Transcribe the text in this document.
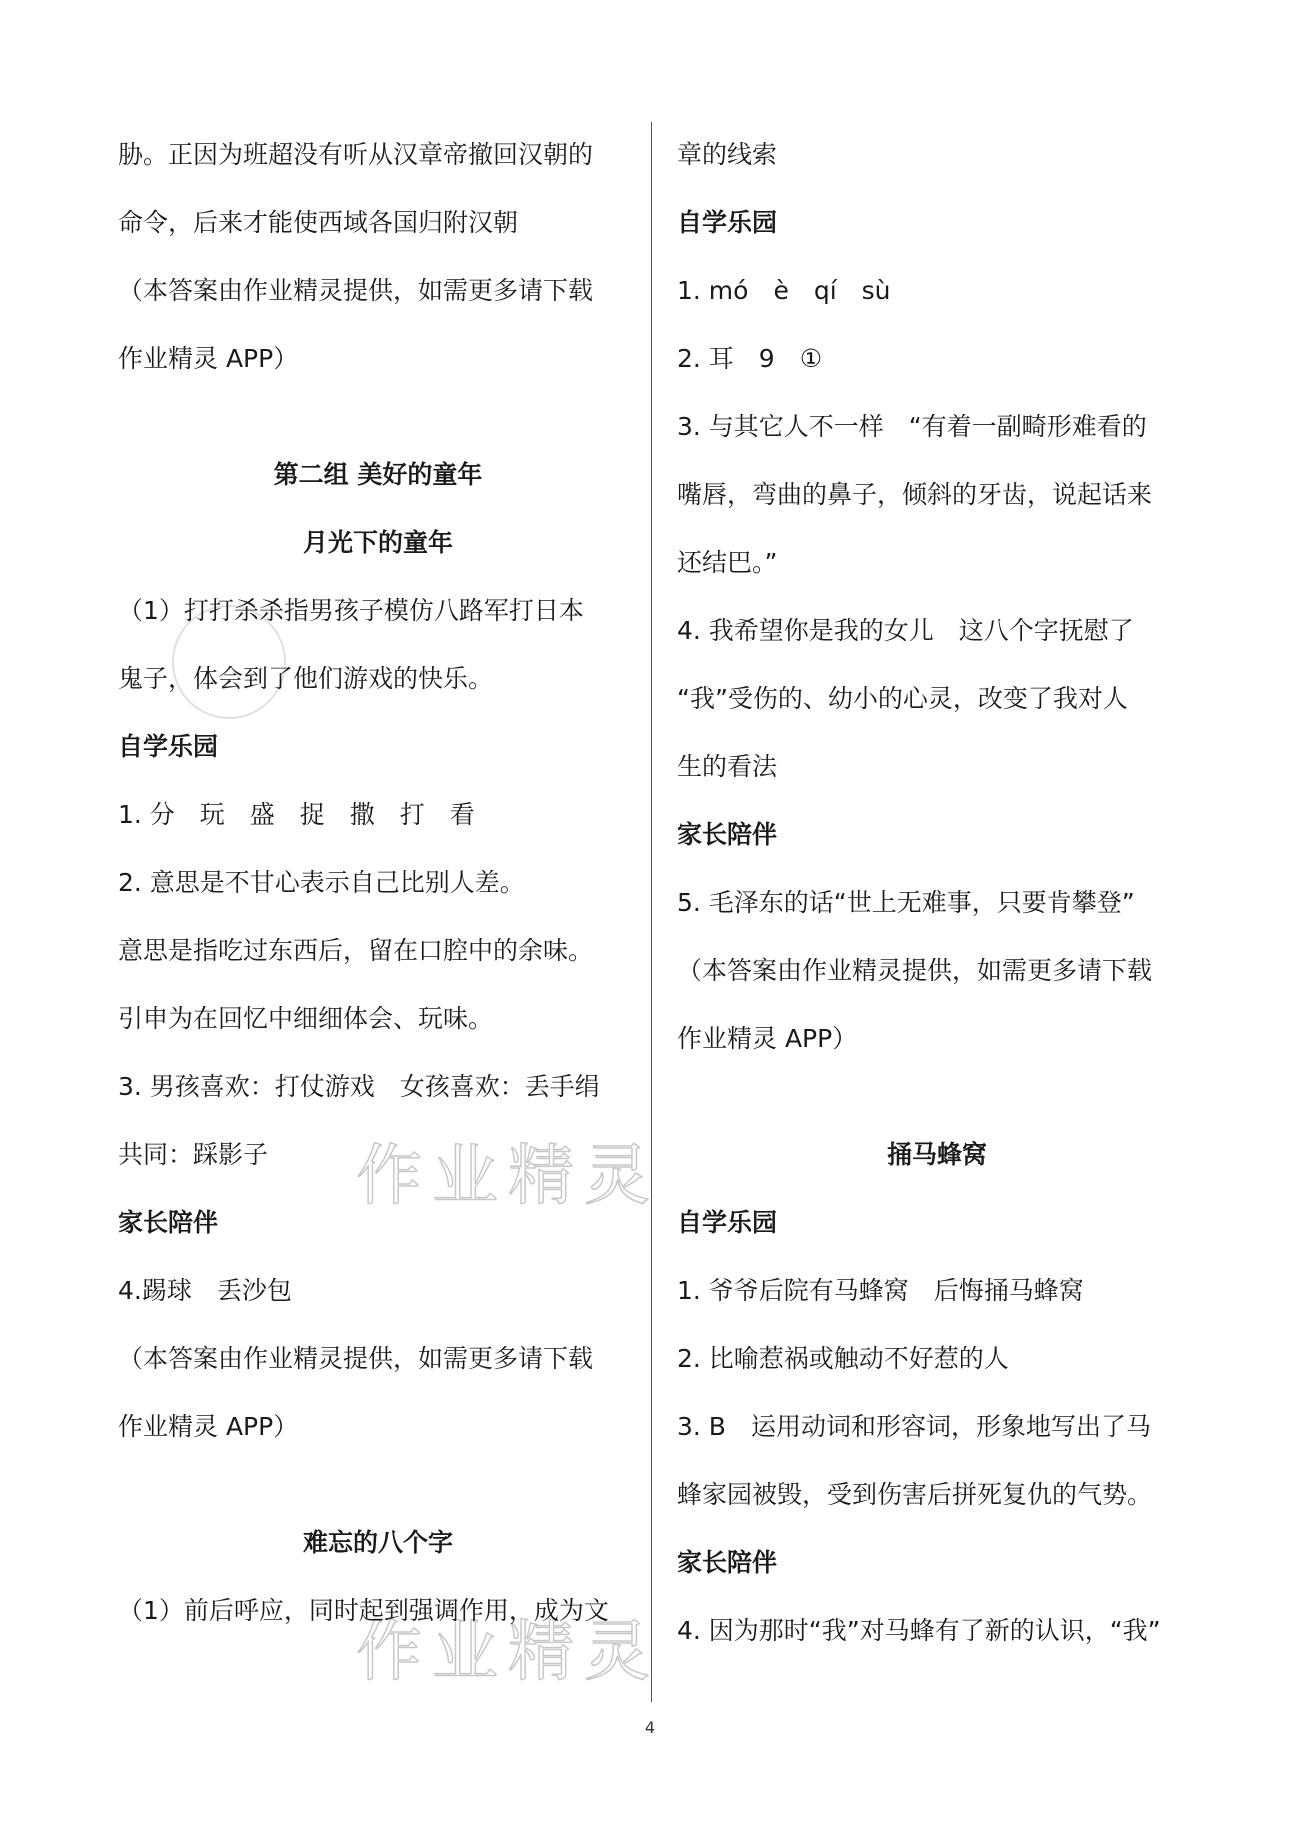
胁。正因为班超没有听从汉章帝撤回汉朝的
命令，后来才能使西域各国归附汉朝
（本答案由作业精灵提供，如需更多请下载
作业精灵 APP）
第二组 美好的童年
月光下的童年
（1）打打杀杀指男孩子模仿八路军打日本
鬼子，体会到了他们游戏的快乐。
自学乐园
1. 分　玩　盛　捉　撒　打　看
2. 意思是不甘心表示自己比别人差。
意思是指吃过东西后，留在口腔中的余味。
引申为在回忆中细细体会、玩味。
3. 男孩喜欢：打仗游戏　女孩喜欢：丢手绢
共同：踩影子
家长陪伴
4.踢球　丢沙包
（本答案由作业精灵提供，如需更多请下载
作业精灵 APP）
难忘的八个字
（1）前后呼应，同时起到强调作用，成为文
章的线索
自学乐园
1. mó　è　qí　sù
2. 耳　9　①
3. 与其它人不一样　“有着一副畸形难看的
嘴唇，弯曲的鼻子，倾斜的牙齿，说起话来
还结巴。”
4. 我希望你是我的女儿　这八个字抚慰了
“我”受伤的、幼小的心灵，改变了我对人
生的看法
家长陪伴
5. 毛泽东的话“世上无难事，只要肯攀登”
（本答案由作业精灵提供，如需更多请下载
作业精灵 APP）
捅马蜂窝
自学乐园
1. 爷爷后院有马蜂窝　后悔捅马蜂窝
2. 比喻惹祸或触动不好惹的人
3. B　运用动词和形容词，形象地写出了马
蜂家园被毁，受到伤害后拼死复仇的气势。
家长陪伴
4. 因为那时“我”对马蜂有了新的认识，“我”
作业精灵
作业精灵
4
